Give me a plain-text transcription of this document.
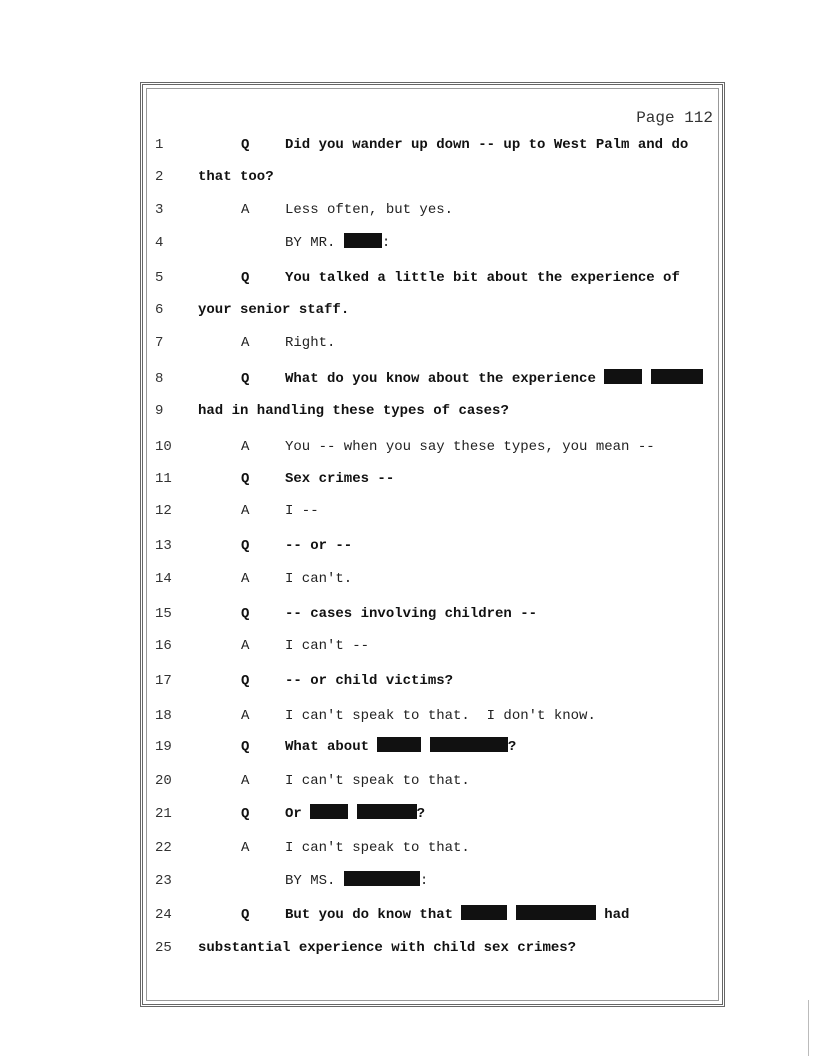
Page 112
1	Q	Did you wander up down -- up to West Palm and do
2	that too?
3	A	Less often, but yes.
4	BY MR.	:
5	Q	You talked a little bit about the experience of
6	your senior staff.
7	A	Right.
8	Q	What do you know about the experience
9	had in handling these types of cases?
10	A	You -- when you say these types, you mean --
11	Q	Sex crimes --
12	A	I --
13	Q	-- or --
14	A	I can't.
15	Q	-- cases involving children --
16	A	I can't --
17	Q	-- or child victims?
18	A	I can't speak to that.  I don't know.
19	Q	What about	?
20	A	I can't speak to that.
21	Q	Or	?
22	A	I can't speak to that.
23	BY MS.	:
24	Q	But you do know that	had
25	substantial experience with child sex crimes?
